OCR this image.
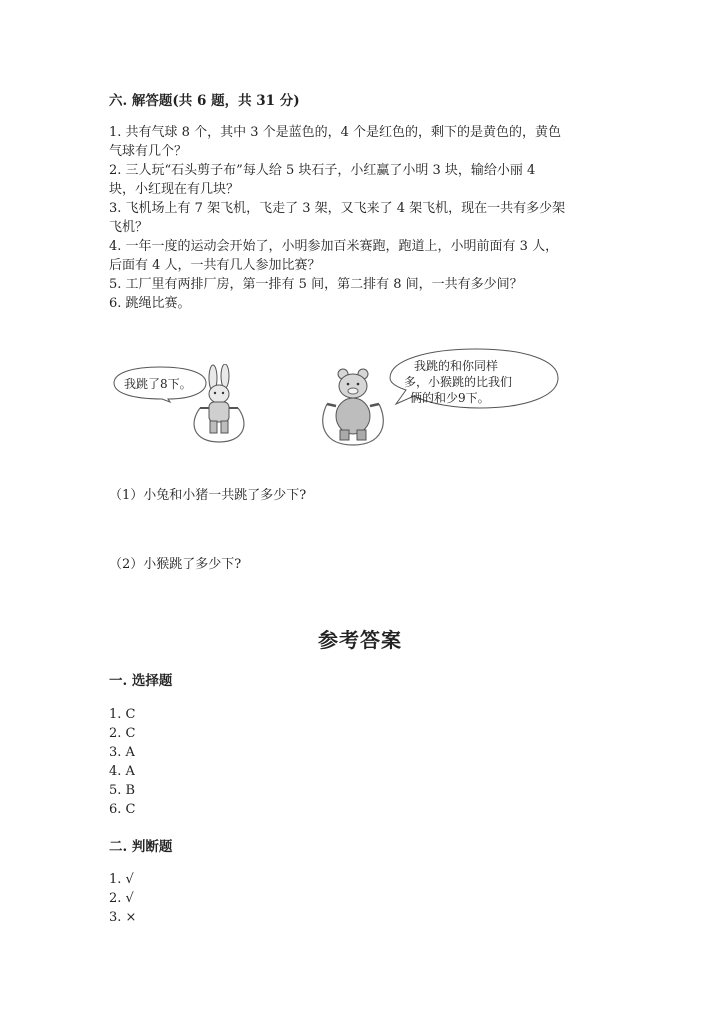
六. 解答题(共 6 题，共 31 分)
1. 共有气球 8 个，其中 3 个是蓝色的，4 个是红色的，剩下的是黄色的，黄色
气球有几个？
2. 三人玩“石头剪子布”每人给 5 块石子，小红赢了小明 3 块，输给小丽 4
块，小红现在有几块？
3. 飞机场上有 7 架飞机，飞走了 3 架，又飞来了 4 架飞机，现在一共有多少架
飞机？
4. 一年一度的运动会开始了，小明参加百米赛跑，跑道上，小明前面有 3 人，
后面有 4 人，一共有几人参加比赛？
5. 工厂里有两排厂房，第一排有 5 间，第二排有 8 间，一共有多少间？
6. 跳绳比赛。
我跳了8下。
我跳的和你同样
多，小猴跳的比我们
俩的和少9下。
（1）小兔和小猪一共跳了多少下?
（2）小猴跳了多少下?
参考答案
一. 选择题
1. C
2. C
3. A
4. A
5. B
6. C
二. 判断题
1. √
2. √
3. ×
